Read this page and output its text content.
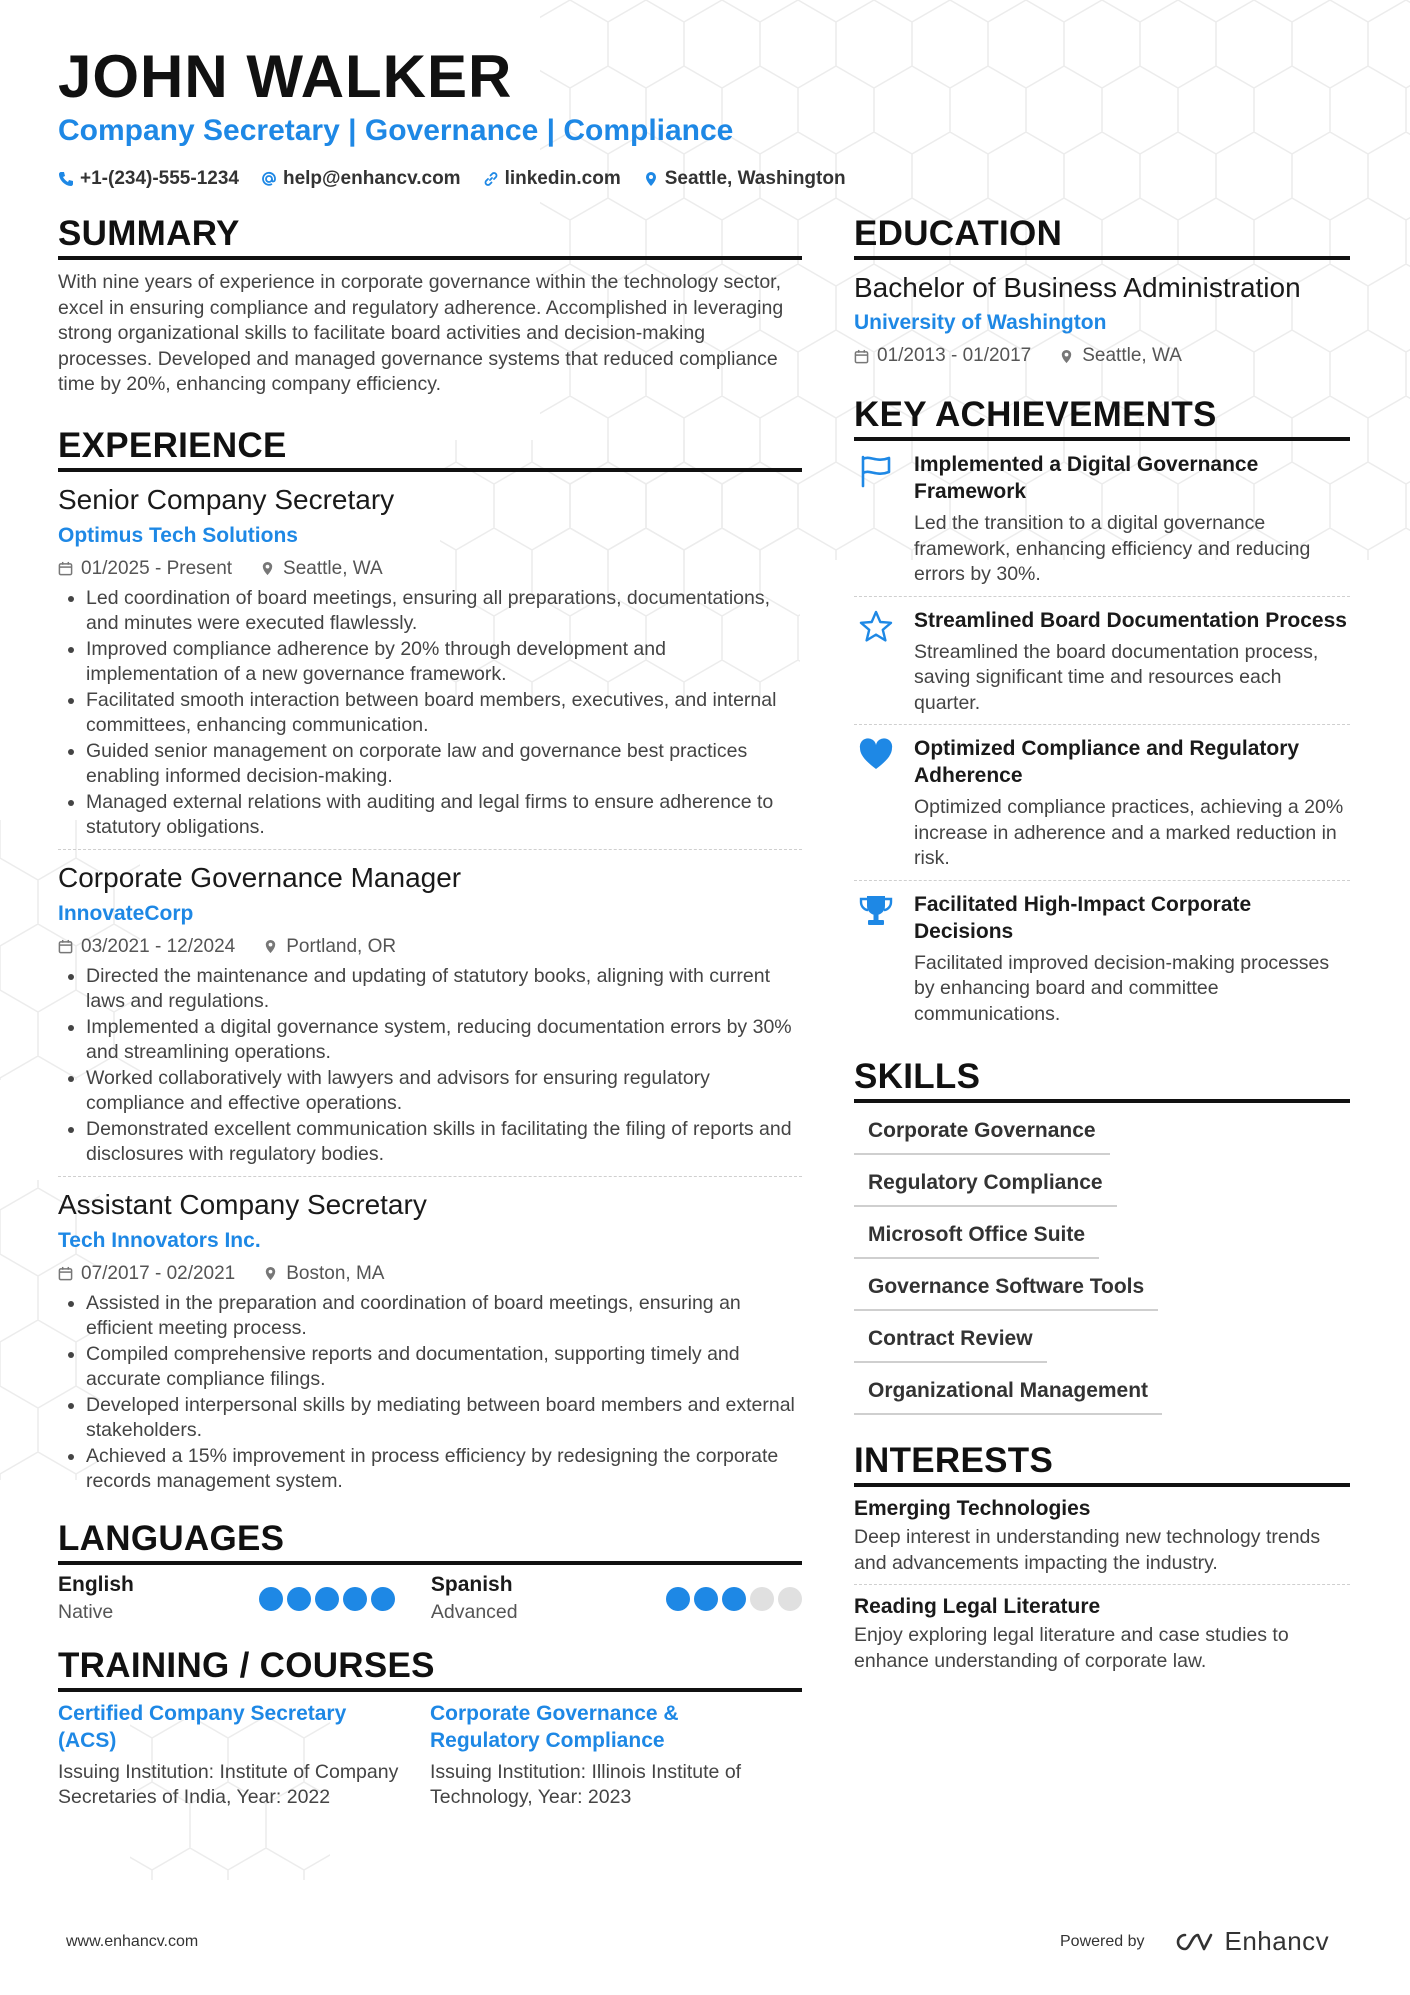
JOHN WALKER
Company Secretary | Governance | Compliance
+1-(234)-555-1234 help@enhancv.com linkedin.com Seattle, Washington
SUMMARY
With nine years of experience in corporate governance within the technology sector, excel in ensuring compliance and regulatory adherence. Accomplished in leveraging strong organizational skills to facilitate board activities and decision-making processes. Developed and managed governance systems that reduced compliance time by 20%, enhancing company efficiency.
EXPERIENCE
Senior Company Secretary
Optimus Tech Solutions
01/2025 - Present	Seattle, WA
• Led coordination of board meetings, ensuring all preparations, documentations, and minutes were executed flawlessly.
• Improved compliance adherence by 20% through development and implementation of a new governance framework.
• Facilitated smooth interaction between board members, executives, and internal committees, enhancing communication.
• Guided senior management on corporate law and governance best practices enabling informed decision-making.
• Managed external relations with auditing and legal firms to ensure adherence to statutory obligations.
Corporate Governance Manager
InnovateCorp
03/2021 - 12/2024	Portland, OR
• Directed the maintenance and updating of statutory books, aligning with current laws and regulations.
• Implemented a digital governance system, reducing documentation errors by 30% and streamlining operations.
• Worked collaboratively with lawyers and advisors for ensuring regulatory compliance and effective operations.
• Demonstrated excellent communication skills in facilitating the filing of reports and disclosures with regulatory bodies.
Assistant Company Secretary
Tech Innovators Inc.
07/2017 - 02/2021	Boston, MA
• Assisted in the preparation and coordination of board meetings, ensuring an efficient meeting process.
• Compiled comprehensive reports and documentation, supporting timely and accurate compliance filings.
• Developed interpersonal skills by mediating between board members and external stakeholders.
• Achieved a 15% improvement in process efficiency by redesigning the corporate records management system.
LANGUAGES
English
Native
Spanish
Advanced
TRAINING / COURSES
Certified Company Secretary (ACS)
Issuing Institution: Institute of Company Secretaries of India, Year: 2022
Corporate Governance & Regulatory Compliance
Issuing Institution: Illinois Institute of Technology, Year: 2023
EDUCATION
Bachelor of Business Administration
University of Washington
01/2013 - 01/2017	Seattle, WA
KEY ACHIEVEMENTS
Implemented a Digital Governance Framework
Led the transition to a digital governance framework, enhancing efficiency and reducing errors by 30%.
Streamlined Board Documentation Process
Streamlined the board documentation process, saving significant time and resources each quarter.
Optimized Compliance and Regulatory Adherence
Optimized compliance practices, achieving a 20% increase in adherence and a marked reduction in risk.
Facilitated High-Impact Corporate Decisions
Facilitated improved decision-making processes by enhancing board and committee communications.
SKILLS
Corporate Governance
Regulatory Compliance
Microsoft Office Suite
Governance Software Tools
Contract Review
Organizational Management
INTERESTS
Emerging Technologies
Deep interest in understanding new technology trends and advancements impacting the industry.
Reading Legal Literature
Enjoy exploring legal literature and case studies to enhance understanding of corporate law.
www.enhancv.com	Powered by	Enhancv
